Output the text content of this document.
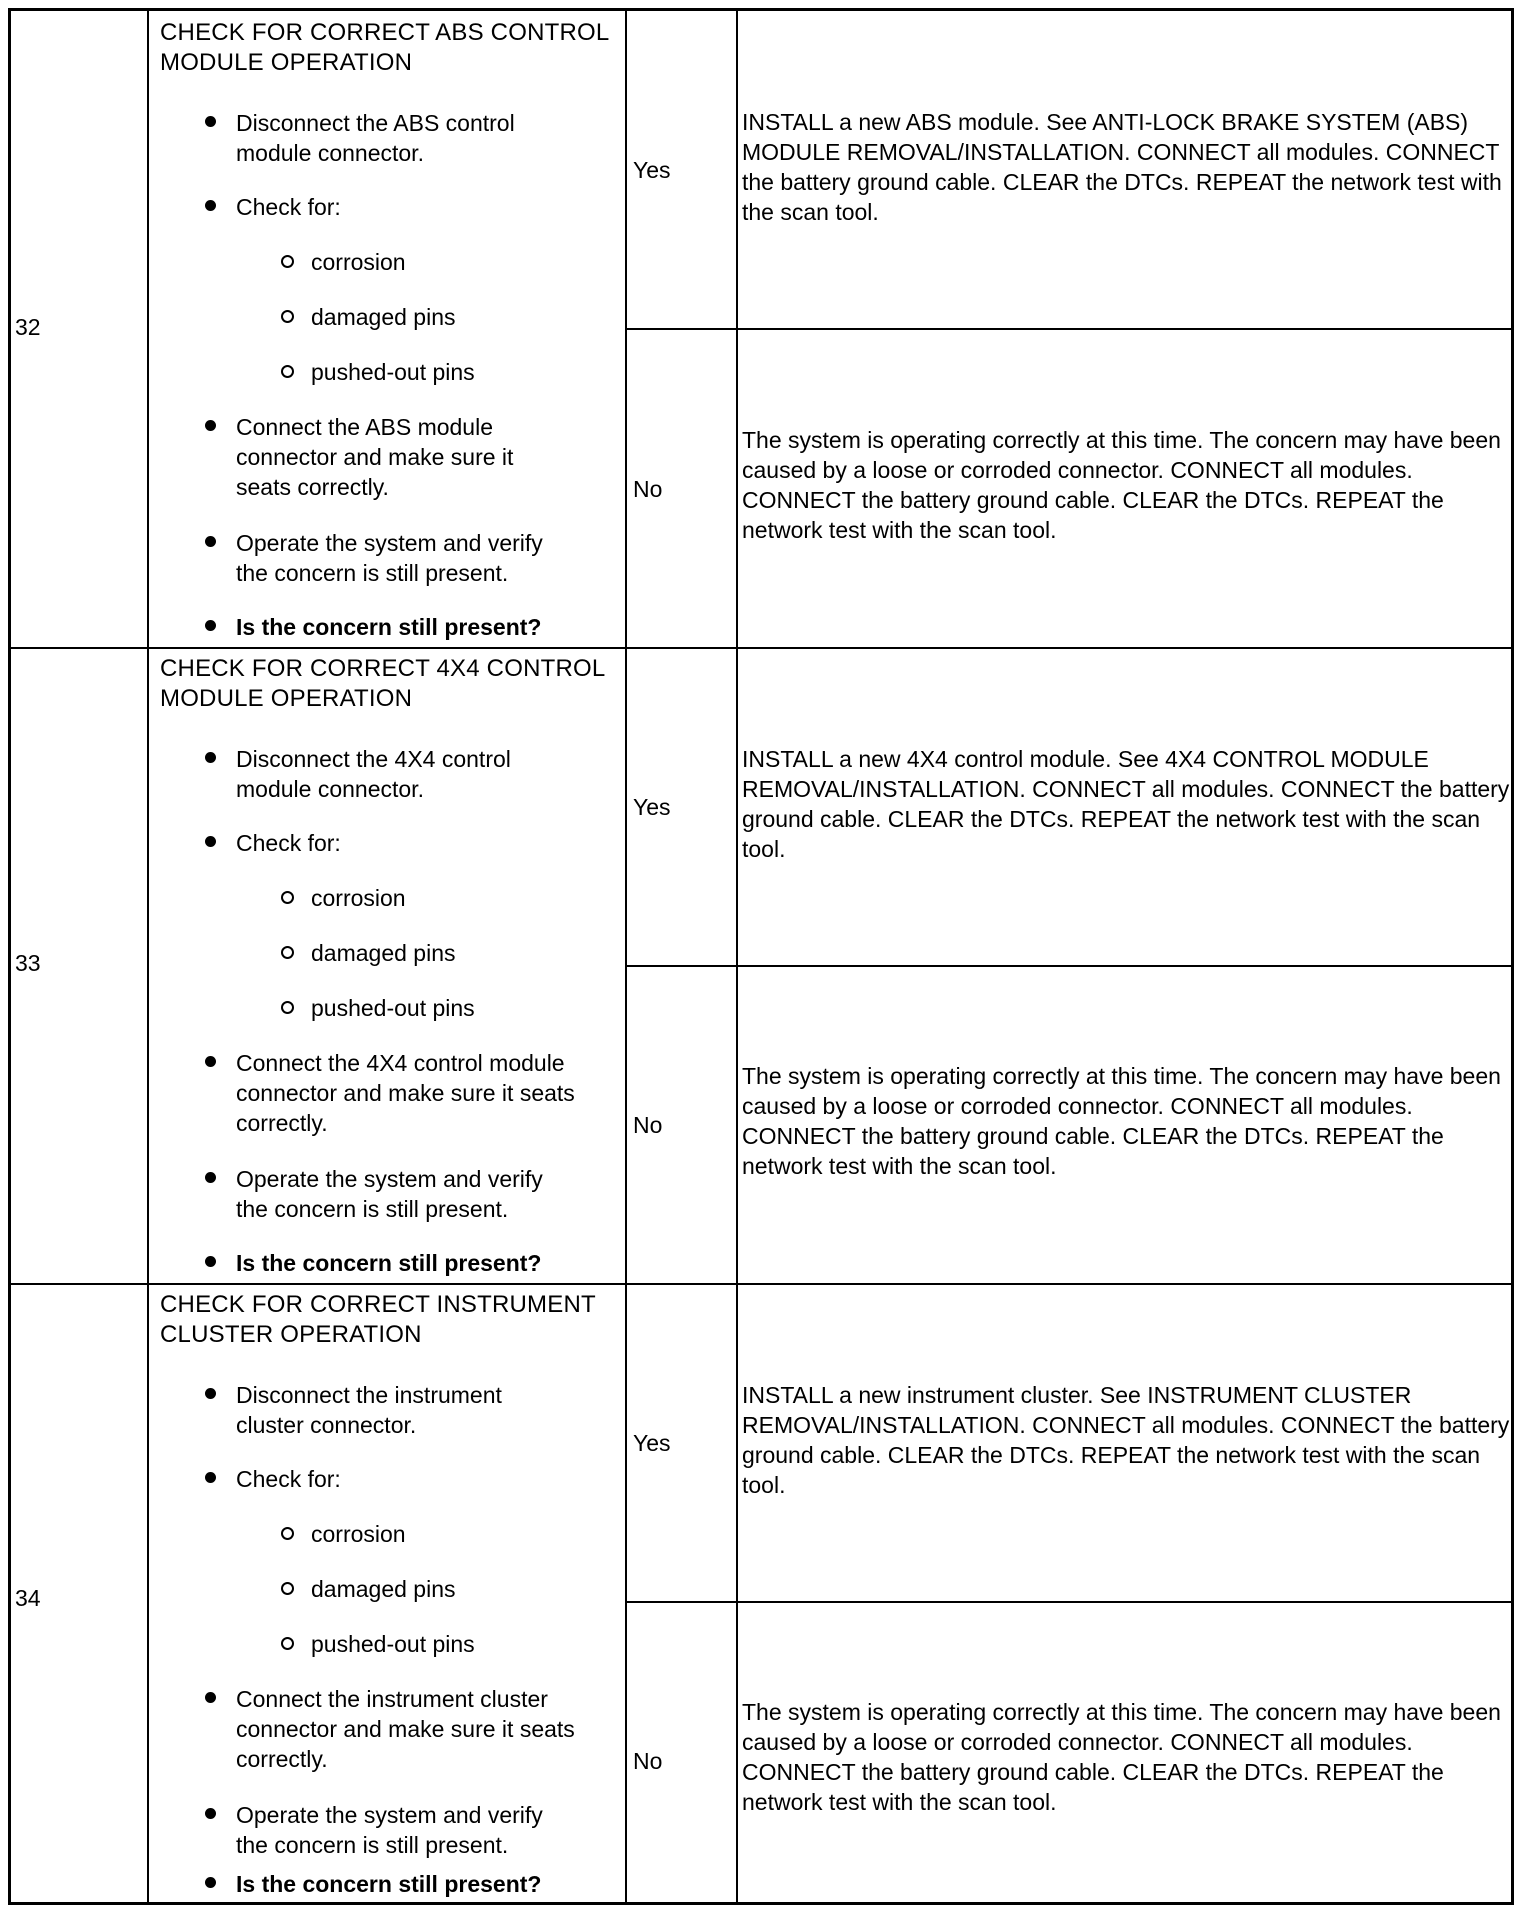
32
CHECK FOR CORRECT ABS CONTROL MODULE OPERATION
Disconnect the ABS control module connector.
Check for:
corrosion
damaged pins
pushed-out pins
Connect the ABS module connector and make sure it seats correctly.
Operate the system and verify the concern is still present.
Is the concern still present?
Yes
INSTALL a new ABS module. See ANTI-LOCK BRAKE SYSTEM (ABS) MODULE REMOVAL/INSTALLATION. CONNECT all modules. CONNECT the battery ground cable. CLEAR the DTCs. REPEAT the network test with the scan tool.
No
The system is operating correctly at this time. The concern may have been caused by a loose or corroded connector. CONNECT all modules. CONNECT the battery ground cable. CLEAR the DTCs. REPEAT the network test with the scan tool.
33
CHECK FOR CORRECT 4X4 CONTROL MODULE OPERATION
Disconnect the 4X4 control module connector.
Check for:
corrosion
damaged pins
pushed-out pins
Connect the 4X4 control module connector and make sure it seats correctly.
Operate the system and verify the concern is still present.
Is the concern still present?
Yes
INSTALL a new 4X4 control module. See 4X4 CONTROL MODULE REMOVAL/INSTALLATION. CONNECT all modules. CONNECT the battery ground cable. CLEAR the DTCs. REPEAT the network test with the scan tool.
No
The system is operating correctly at this time. The concern may have been caused by a loose or corroded connector. CONNECT all modules. CONNECT the battery ground cable. CLEAR the DTCs. REPEAT the network test with the scan tool.
34
CHECK FOR CORRECT INSTRUMENT CLUSTER OPERATION
Disconnect the instrument cluster connector.
Check for:
corrosion
damaged pins
pushed-out pins
Connect the instrument cluster connector and make sure it seats correctly.
Operate the system and verify the concern is still present.
Is the concern still present?
Yes
INSTALL a new instrument cluster. See INSTRUMENT CLUSTER REMOVAL/INSTALLATION. CONNECT all modules. CONNECT the battery ground cable. CLEAR the DTCs. REPEAT the network test with the scan tool.
No
The system is operating correctly at this time. The concern may have been caused by a loose or corroded connector. CONNECT all modules. CONNECT the battery ground cable. CLEAR the DTCs. REPEAT the network test with the scan tool.
